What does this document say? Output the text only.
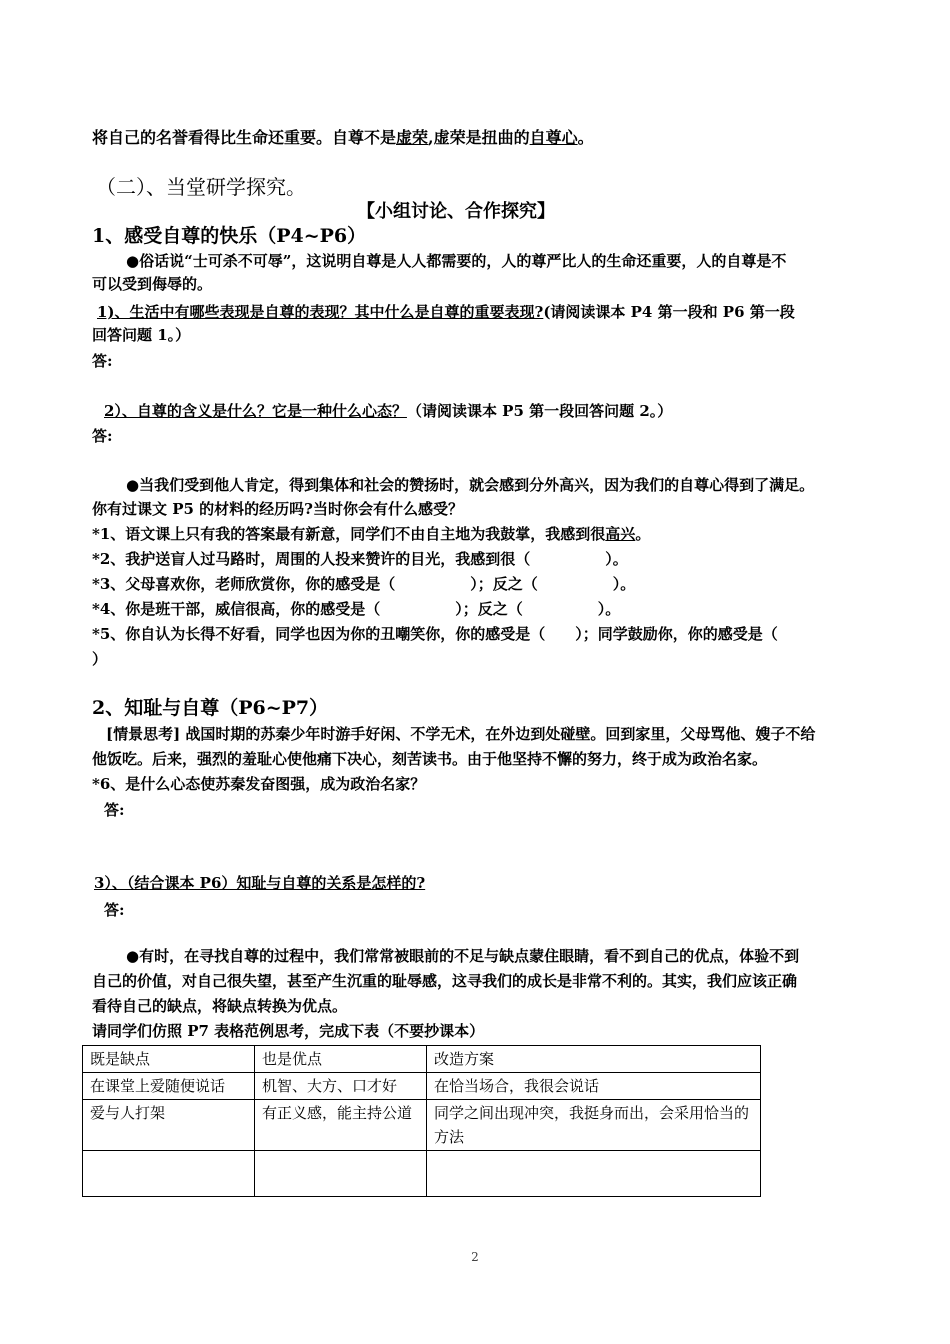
将自己的名誉看得比生命还重要。自尊不是虚荣,虚荣是扭曲的自尊心。
（二）、当堂研学探究。
【小组讨论、合作探究】
1、感受自尊的快乐（P4~P6）
●俗话说“士可杀不可辱”，这说明自尊是人人都需要的，人的尊严比人的生命还重要，人的自尊是不
可以受到侮辱的。
1)、生活中有哪些表现是自尊的表现？其中什么是自尊的重要表现?(请阅读课本 P4 第一段和 P6 第一段
回答问题 1。）
答:
2）、自尊的含义是什么？它是一种什么心态？（请阅读课本 P5 第一段回答问题 2。）
答:
●当我们受到他人肯定，得到集体和社会的赞扬时，就会感到分外高兴，因为我们的自尊心得到了满足。
你有过课文 P5 的材料的经历吗?当时你会有什么感受？
*1、语文课上只有我的答案最有新意，同学们不由自主地为我鼓掌，我感到很高兴。
*2、我护送盲人过马路时，周围的人投来赞许的目光，我感到很（　　　　　）。
*3、父母喜欢你，老师欣赏你，你的感受是（　　　　　）；反之（　　　　　）。
*4、你是班干部，威信很高，你的感受是（　　　　　）；反之（　　　　　）。
*5、你自认为长得不好看，同学也因为你的丑嘲笑你，你的感受是（　　）；同学鼓励你，你的感受是（
）
2、知耻与自尊（P6~P7）
[情景思考] 战国时期的苏秦少年时游手好闲、不学无术，在外边到处碰壁。回到家里，父母骂他、嫂子不给
他饭吃。后来，强烈的羞耻心使他痛下决心，刻苦读书。由于他坚持不懈的努力，终于成为政治名家。
*6、是什么心态使苏秦发奋图强，成为政治名家？
答:
3）、（结合课本 P6）知耻与自尊的关系是怎样的?
答:
●有时，在寻找自尊的过程中，我们常常被眼前的不足与缺点蒙住眼睛，看不到自己的优点，体验不到
自己的价值，对自己很失望，甚至产生沉重的耻辱感，这寻我们的成长是非常不利的。其实，我们应该正确
看待自己的缺点，将缺点转换为优点。
请同学们仿照 P7 表格范例思考，完成下表（不要抄课本）
既是缺点	也是优点	改造方案
在课堂上爱随便说话	机智、大方、口才好	在恰当场合，我很会说话
爱与人打架	有正义感，能主持公道	同学之间出现冲突，我挺身而出，会采用恰当的方法

2
